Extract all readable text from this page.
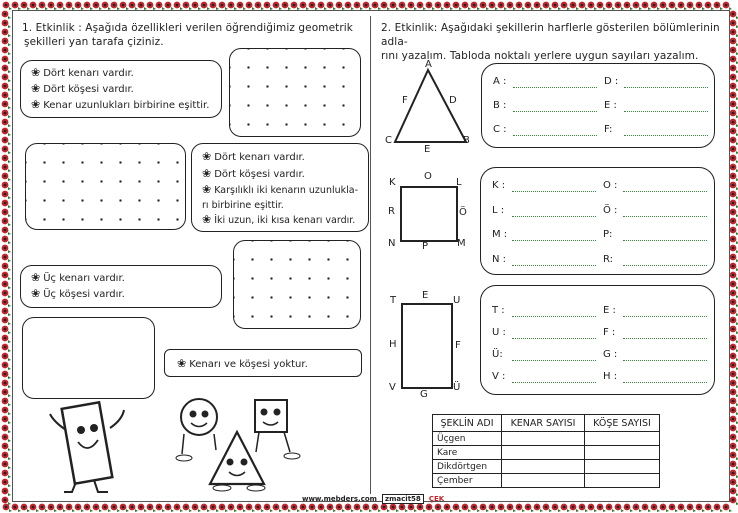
1. Etkinlik : Aşağıda özellikleri verilen öğrendiğimiz geometrik
şekilleri yan tarafa çiziniz.
❀ Dört kenarı vardır.
❀ Dört köşesi vardır.
❀ Kenar uzunlukları birbirine eşittir.
❀ Dört kenarı vardır.
❀ Dört köşesi vardır.
❀ Karşılıklı iki kenarın uzunlukla-
rı birbirine eşittir.
❀ İki uzun, iki kısa kenarı vardır.
❀ Üç kenarı vardır.
❀ Üç köşesi vardır.
❀ Kenarı ve köşesi yoktur.
www.mebders.com zmacit58 ÇEK
2. Etkinlik: Aşağıdaki şekillerin harflerle gösterilen bölümlerinin adla-
rını yazalım. Tabloda noktalı yerlere uygun sayıları yazalım.
A
F	D
C	B
E
A :	D :
B :	E :
C :	F:
K
O
L
R	Ö
N	P	M
K :	O :
L :	Ö :
M :	P:
N :	R:
T	E U
H	F
V
G
Ü
T :	E :
U :	F :
Ü:	G :
V :	H :
ŞEKLİN ADI	KENAR SAYISI	KÖŞE SAYISI
Üçgen		
Kare		
Dikdörtgen		
Çember		
